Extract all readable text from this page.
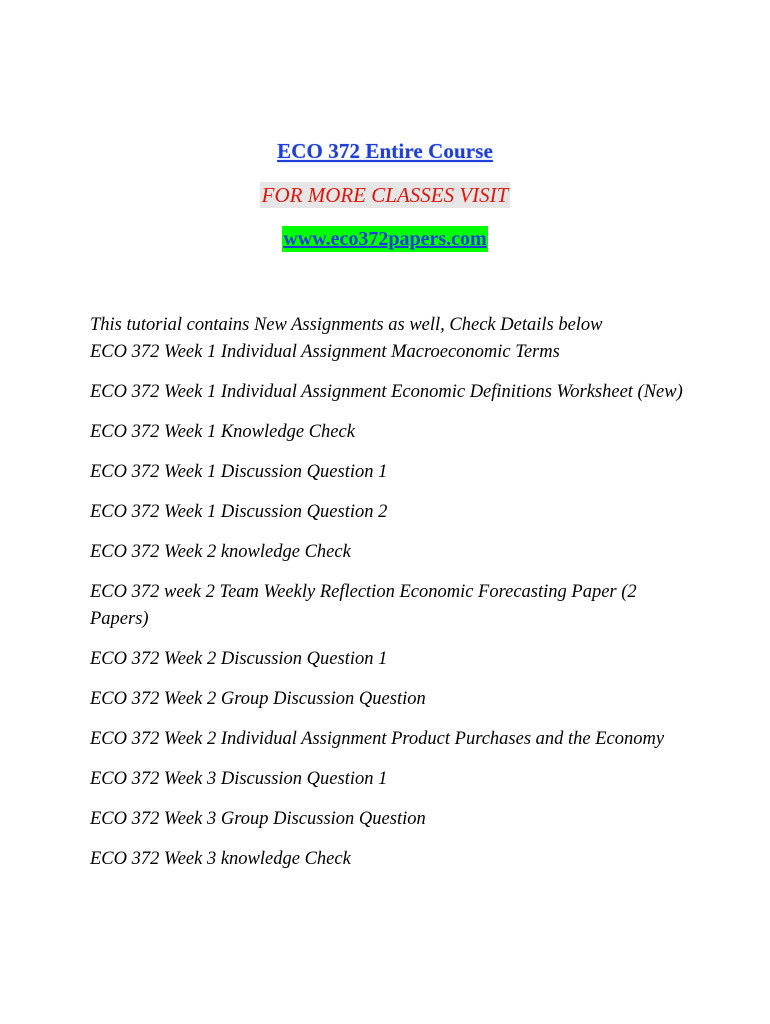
ECO 372 Entire Course
FOR MORE CLASSES VISIT
www.eco372papers.com
This tutorial contains New Assignments as well, Check Details below
ECO 372 Week 1 Individual Assignment Macroeconomic Terms
ECO 372 Week 1 Individual Assignment Economic Definitions Worksheet (New)
ECO 372 Week 1 Knowledge Check
ECO 372 Week 1 Discussion Question 1
ECO 372 Week 1 Discussion Question 2
ECO 372 Week 2 knowledge Check
ECO 372 week 2 Team Weekly Reflection Economic Forecasting Paper (2 Papers)
ECO 372 Week 2 Discussion Question 1
ECO 372 Week 2 Group Discussion Question
ECO 372 Week 2 Individual Assignment Product Purchases and the Economy
ECO 372 Week 3 Discussion Question 1
ECO 372 Week 3 Group Discussion Question
ECO 372 Week 3 knowledge Check
